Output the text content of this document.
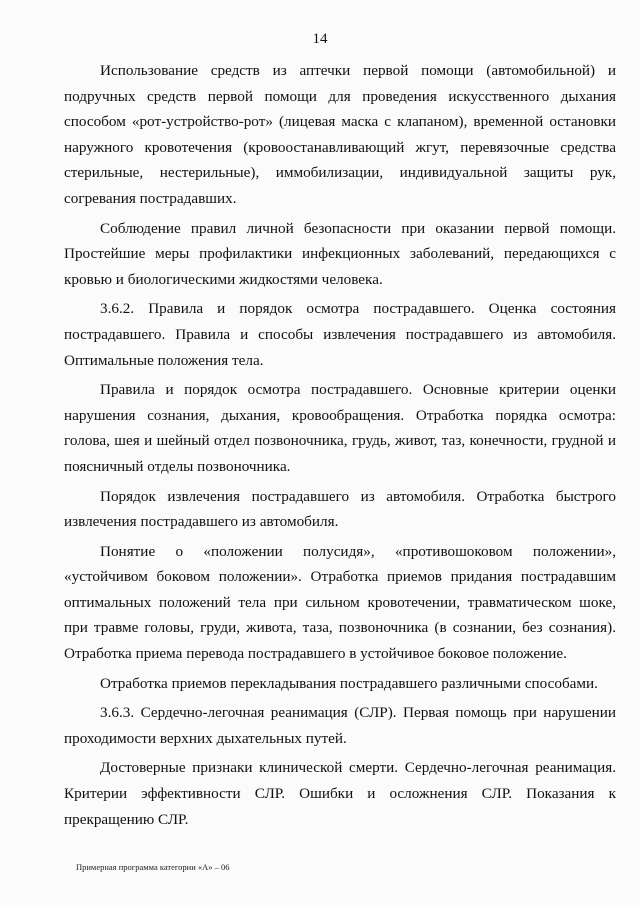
14

Использование средств из аптечки первой помощи (автомобильной) и подручных средств первой помощи для проведения искусственного дыхания способом «рот-устройство-рот» (лицевая маска с клапаном), временной остановки наружного кровотечения (кровоостанавливающий жгут, перевязочные средства стерильные, нестерильные), иммобилизации, индивидуальной защиты рук, согревания пострадавших.

Соблюдение правил личной безопасности при оказании первой помощи. Простейшие меры профилактики инфекционных заболеваний, передающихся с кровью и биологическими жидкостями человека.

3.6.2. Правила и порядок осмотра пострадавшего. Оценка состояния пострадавшего. Правила и способы извлечения пострадавшего из автомобиля. Оптимальные положения тела.

Правила и порядок осмотра пострадавшего. Основные критерии оценки нарушения сознания, дыхания, кровообращения. Отработка порядка осмотра: голова, шея и шейный отдел позвоночника, грудь, живот, таз, конечности, грудной и поясничный отделы позвоночника.

Порядок извлечения пострадавшего из автомобиля. Отработка быстрого извлечения пострадавшего из автомобиля.

Понятие о «положении полусидя», «противошоковом положении», «устойчивом боковом положении». Отработка приемов придания пострадавшим оптимальных положений тела при сильном кровотечении, травматическом шоке, при травме головы, груди, живота, таза, позвоночника (в сознании, без сознания). Отработка приема перевода пострадавшего в устойчивое боковое положение.

Отработка приемов перекладывания пострадавшего различными способами.

3.6.3. Сердечно-легочная реанимация (СЛР). Первая помощь при нарушении проходимости верхних дыхательных путей.

Достоверные признаки клинической смерти. Сердечно-легочная реанимация. Критерии эффективности СЛР. Ошибки и осложнения СЛР. Показания к прекращению СЛР.

Примерная программа категории «А» – 06
